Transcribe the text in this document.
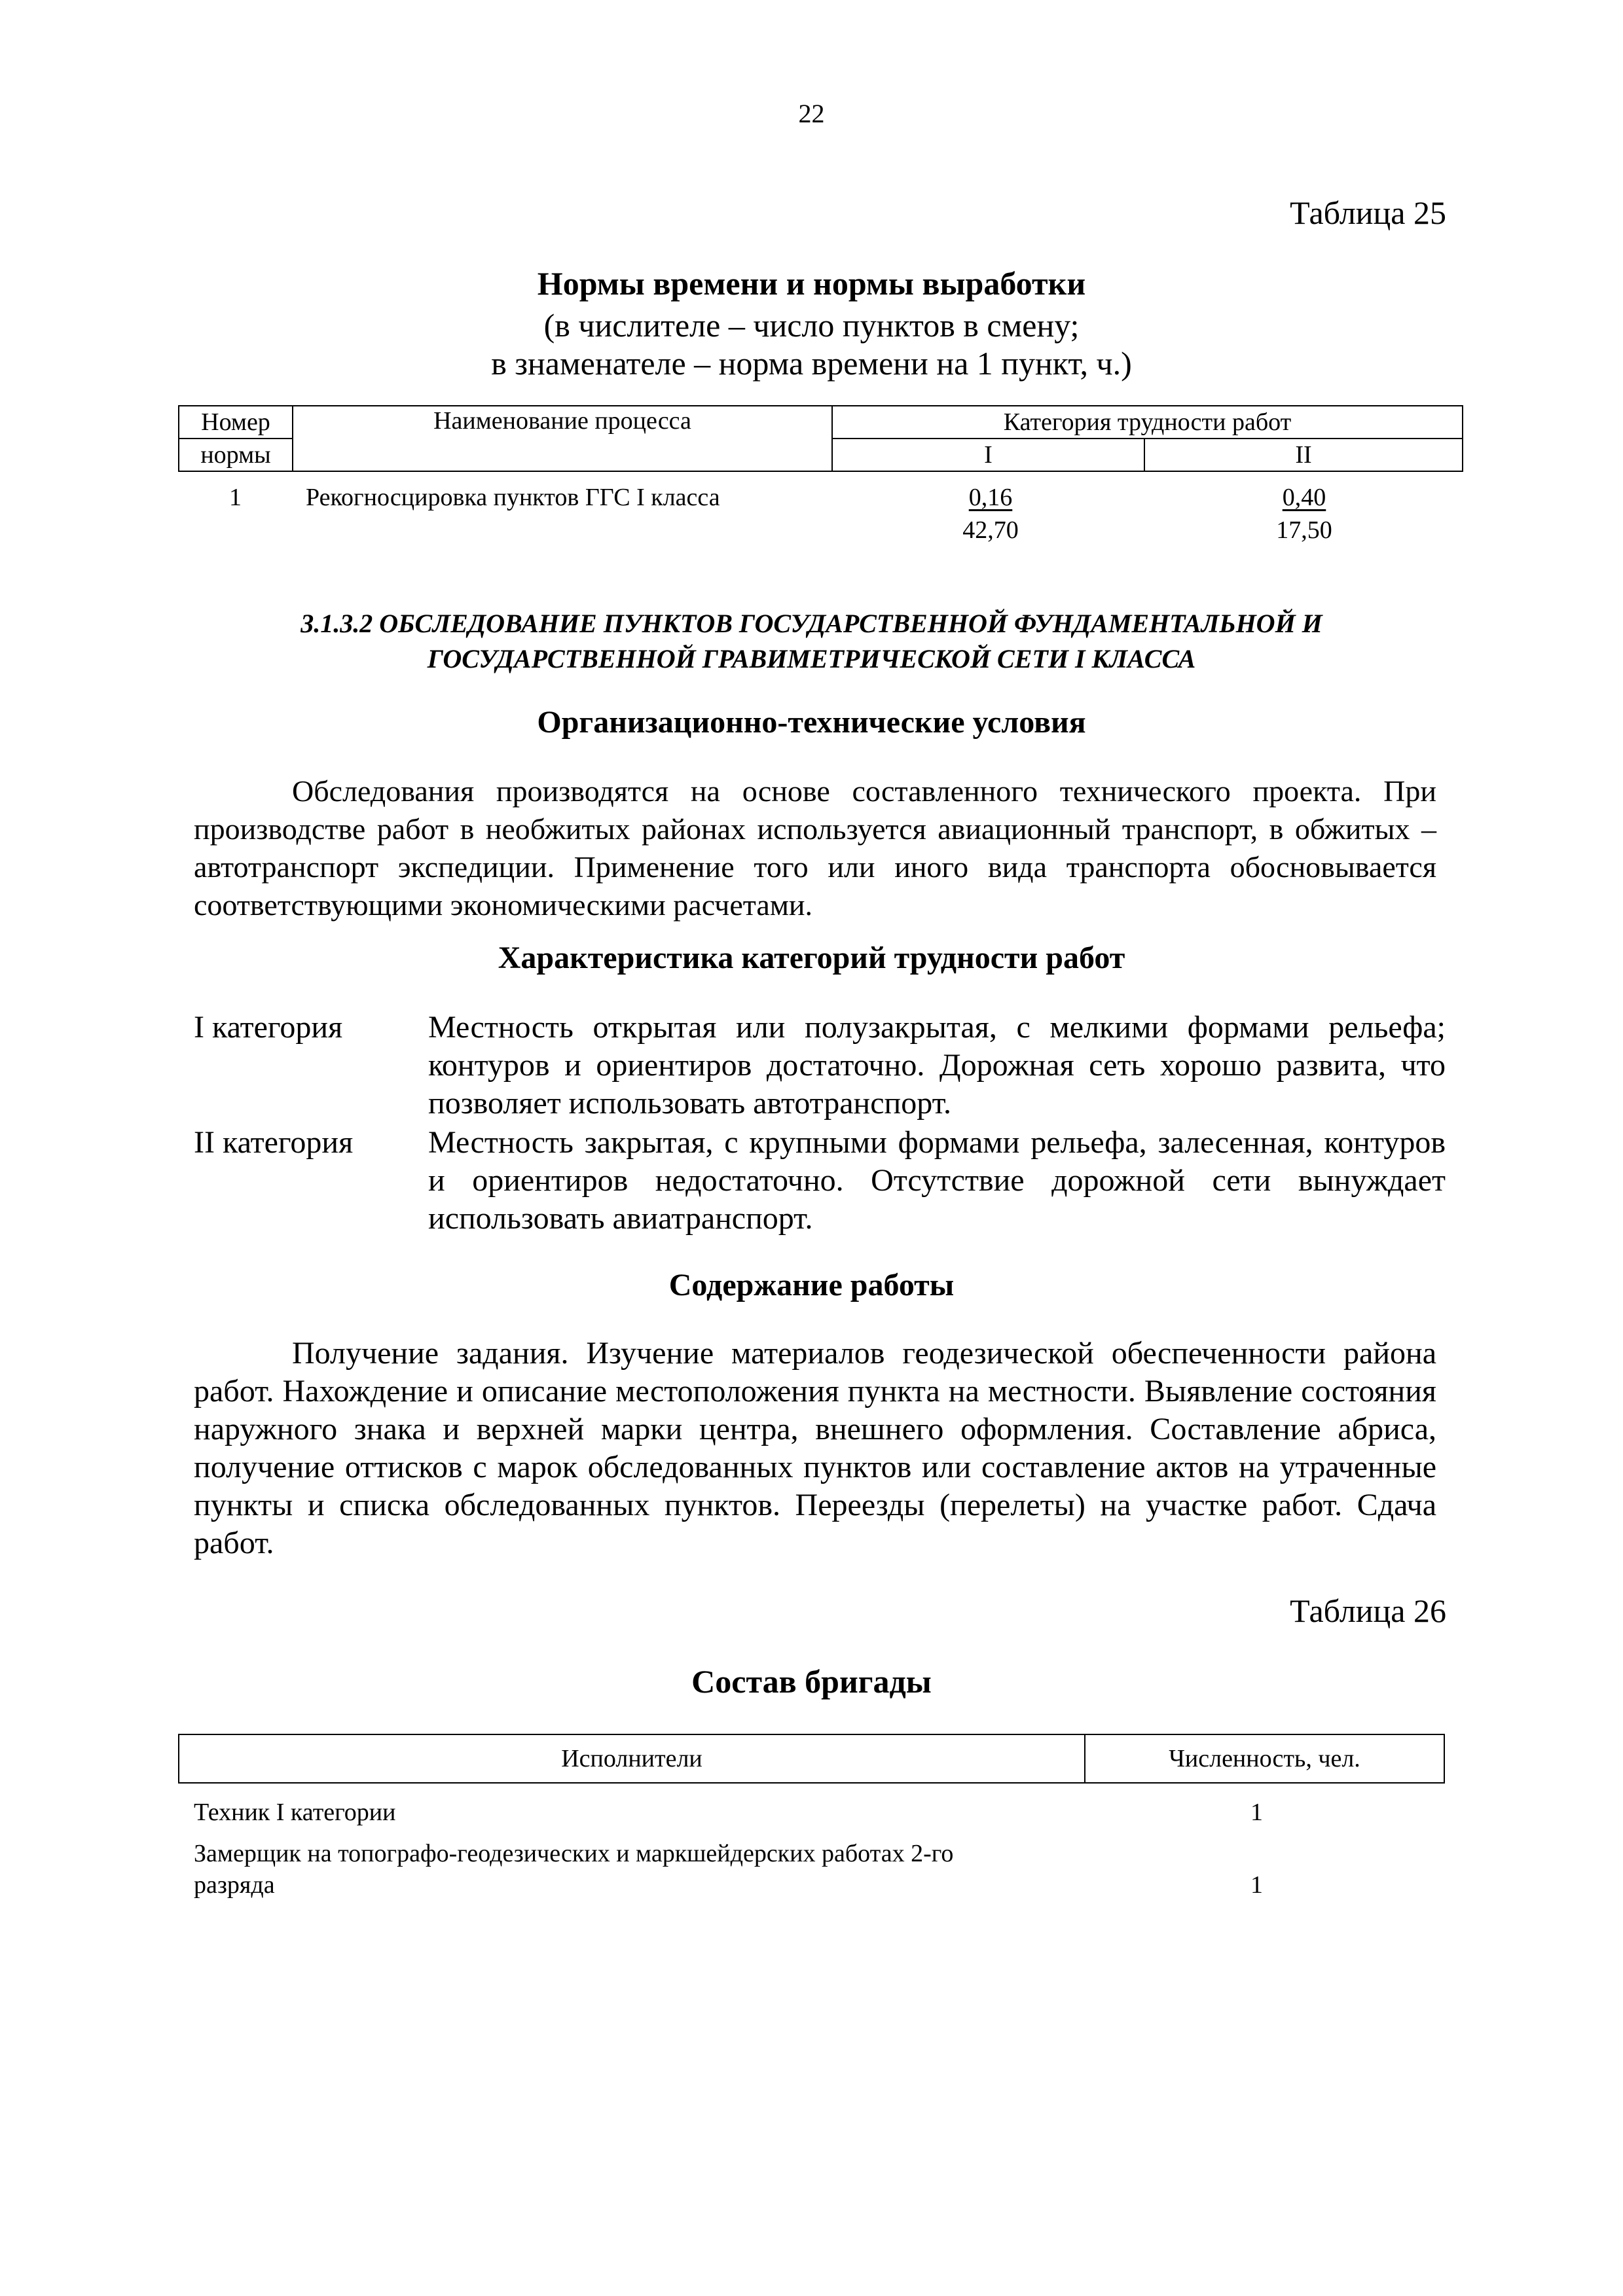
22
Таблица 25
Нормы времени и нормы выработки
(в числителе – число пунктов в смену;
в знаменателе – норма времени на 1 пункт, ч.)
Номер	Наименование процесса	Категория трудности работ	
нормы		I	II
1	Рекогносцировка пунктов ГГС I класса	$\frac{0,16}{42,70}$	$\frac{0,40}{17,50}$
3.1.3.2 ОБСЛЕДОВАНИЕ ПУНКТОВ ГОСУДАРСТВЕННОЙ ФУНДАМЕНТАЛЬНОЙ И
ГОСУДАРСТВЕННОЙ ГРАВИМЕТРИЧЕСКОЙ СЕТИ I КЛАССА
Организационно-технические условия
Обследования производятся на основе составленного технического проекта. При производстве работ в необжитых районах используется авиационный транспорт, в обжитых – автотранспорт экспедиции. Применение того или иного вида транспорта обосновывается соответствующими экономическими расчетами.
Характеристика категорий трудности работ
I категория	Местность открытая или полузакрытая, с мелкими формами рельефа; контуров и ориентиров достаточно. Дорожная сеть хорошо развита, что позволяет использовать автотранспорт.
II категория Местность закрытая, с крупными формами рельефа, залесенная, контуров и ориентиров недостаточно. Отсутствие дорожной сети вынуждает использовать авиатранспорт.
Содержание работы
Получение задания. Изучение материалов геодезической обеспеченности района работ. Нахождение и описание местоположения пункта на местности. Выявление состояния наружного знака и верхней марки центра, внешнего оформления. Составление абриса, получение оттисков с марок обследованных пунктов или составление актов на утраченные пункты и списка обследованных пунктов. Переезды (перелеты) на участке работ. Сдача работ.
Таблица 26
Состав бригады
Исполнители	Численность, чел.
Техник I категории	1
Замерщик на топографо-геодезических и маркшейдерских работах 2-го
разряда	1
